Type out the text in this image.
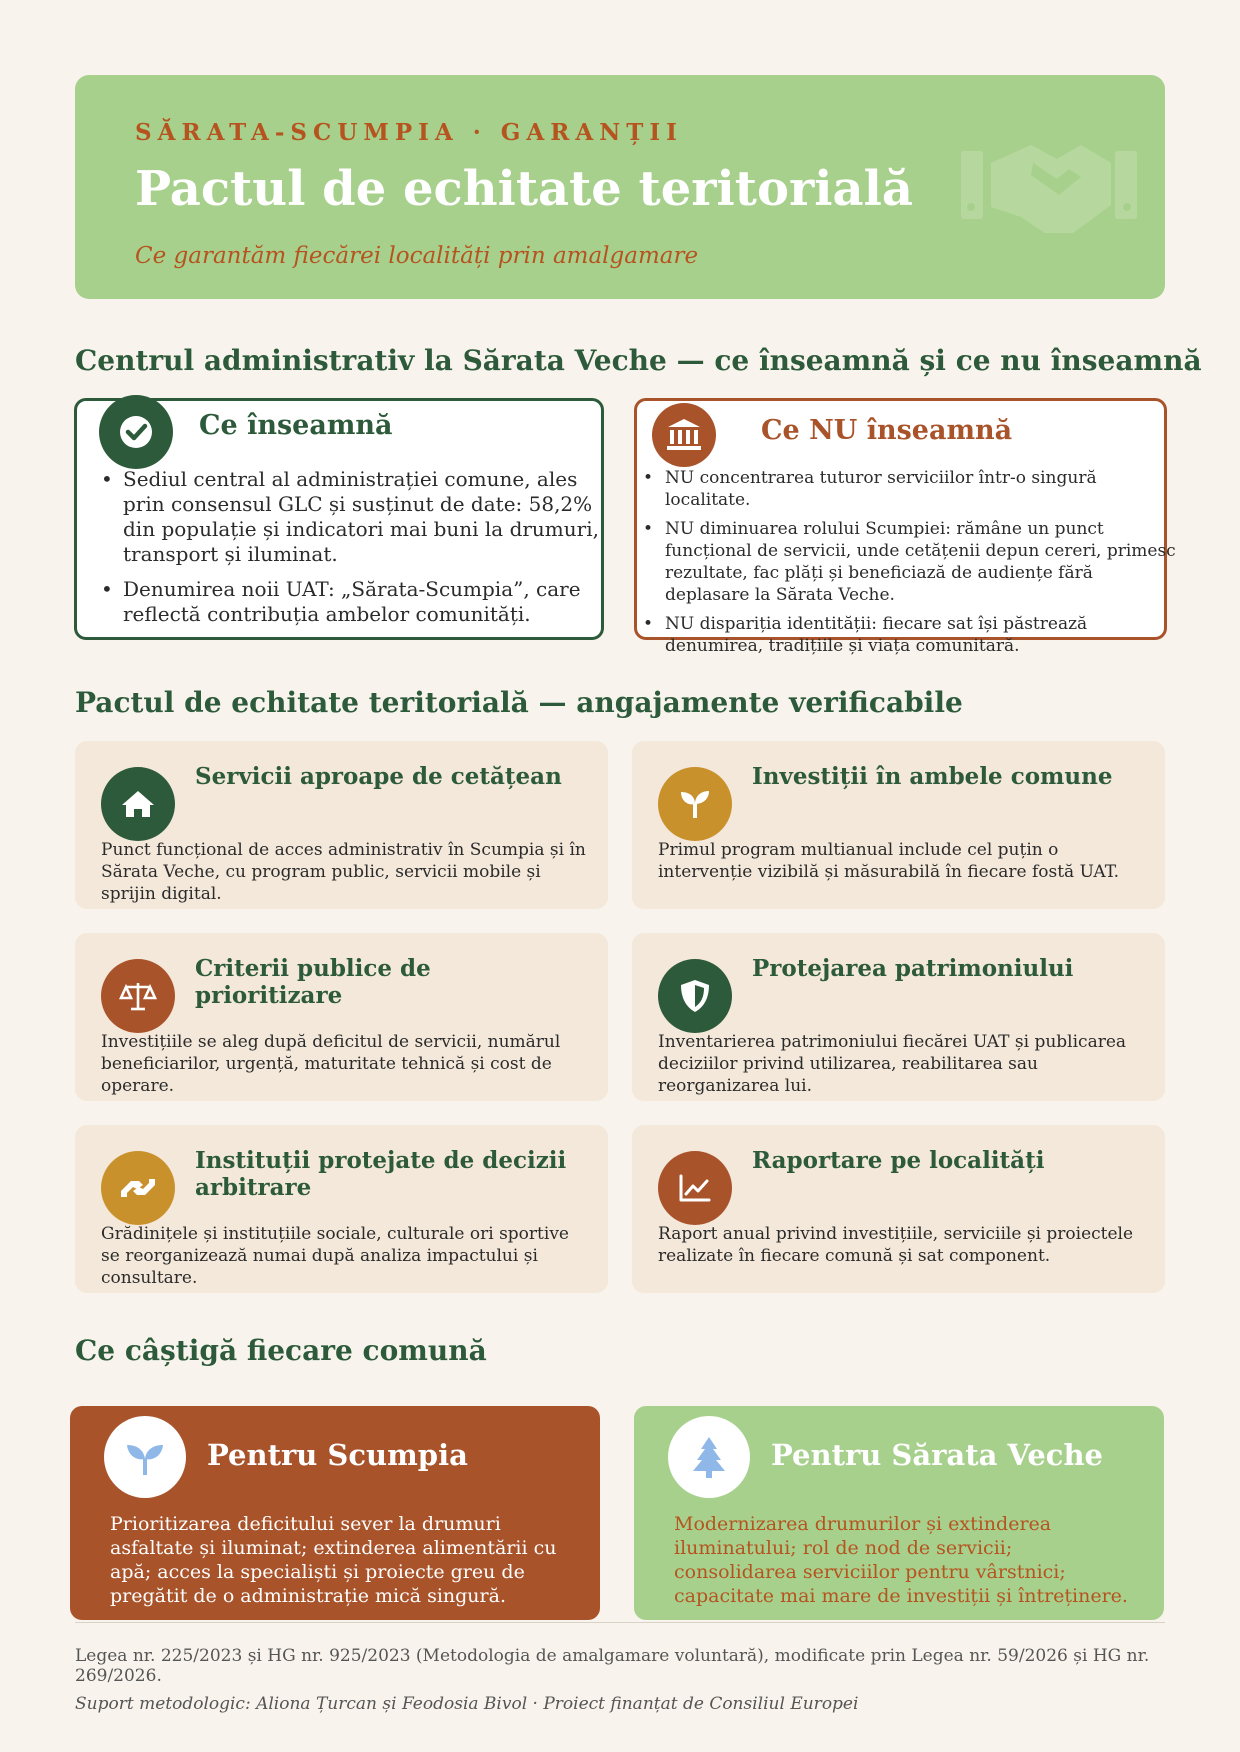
SĂRATA-SCUMPIA · GARANȚII
Pactul de echitate teritorială
Ce garantăm fiecărei localități prin amalgamare
Centrul administrativ la Sărata Veche — ce înseamnă și ce nu înseamnă
Ce înseamnă
• Sediul central al administrației comune, ales prin consensul GLC și susținut de date: 58,2% din populație și indicatori mai buni la drumuri, transport și iluminat.
• Denumirea noii UAT: „Sărata-Scumpia”, care reflectă contribuția ambelor comunități.
Ce NU înseamnă
• NU concentrarea tuturor serviciilor într-o singură localitate.
• NU diminuarea rolului Scumpiei: rămâne un punct funcțional de servicii, unde cetățenii depun cereri, primesc rezultate, fac plăți și beneficiază de audiențe fără deplasare la Sărata Veche.
• NU dispariția identității: fiecare sat își păstrează denumirea, tradițiile și viața comunitară.
Pactul de echitate teritorială — angajamente verificabile
Servicii aproape de cetățean
Punct funcțional de acces administrativ în Scumpia și în Sărata Veche, cu program public, servicii mobile și sprijin digital.
Investiții în ambele comune
Primul program multianual include cel puțin o intervenție vizibilă și măsurabilă în fiecare fostă UAT.
Criterii publice de prioritizare
Investițiile se aleg după deficitul de servicii, numărul beneficiarilor, urgență, maturitate tehnică și cost de operare.
Protejarea patrimoniului
Inventarierea patrimoniului fiecărei UAT și publicarea deciziilor privind utilizarea, reabilitarea sau reorganizarea lui.
Instituții protejate de decizii arbitrare
Grădinițele și instituțiile sociale, culturale ori sportive se reorganizează numai după analiza impactului și consultare.
Raportare pe localități
Raport anual privind investițiile, serviciile și proiectele realizate în fiecare comună și sat component.
Ce câștigă fiecare comună
Pentru Scumpia
Prioritizarea deficitului sever la drumuri asfaltate și iluminat; extinderea alimentării cu apă; acces la specialiști și proiecte greu de pregătit de o administrație mică singură.
Pentru Sărata Veche
Modernizarea drumurilor și extinderea iluminatului; rol de nod de servicii; consolidarea serviciilor pentru vârstnici; capacitate mai mare de investiții și întreținere.
Legea nr. 225/2023 și HG nr. 925/2023 (Metodologia de amalgamare voluntară), modificate prin Legea nr. 59/2026 și HG nr. 269/2026.
Suport metodologic: Aliona Țurcan și Feodosia Bivol · Proiect finanțat de Consiliul Europei
